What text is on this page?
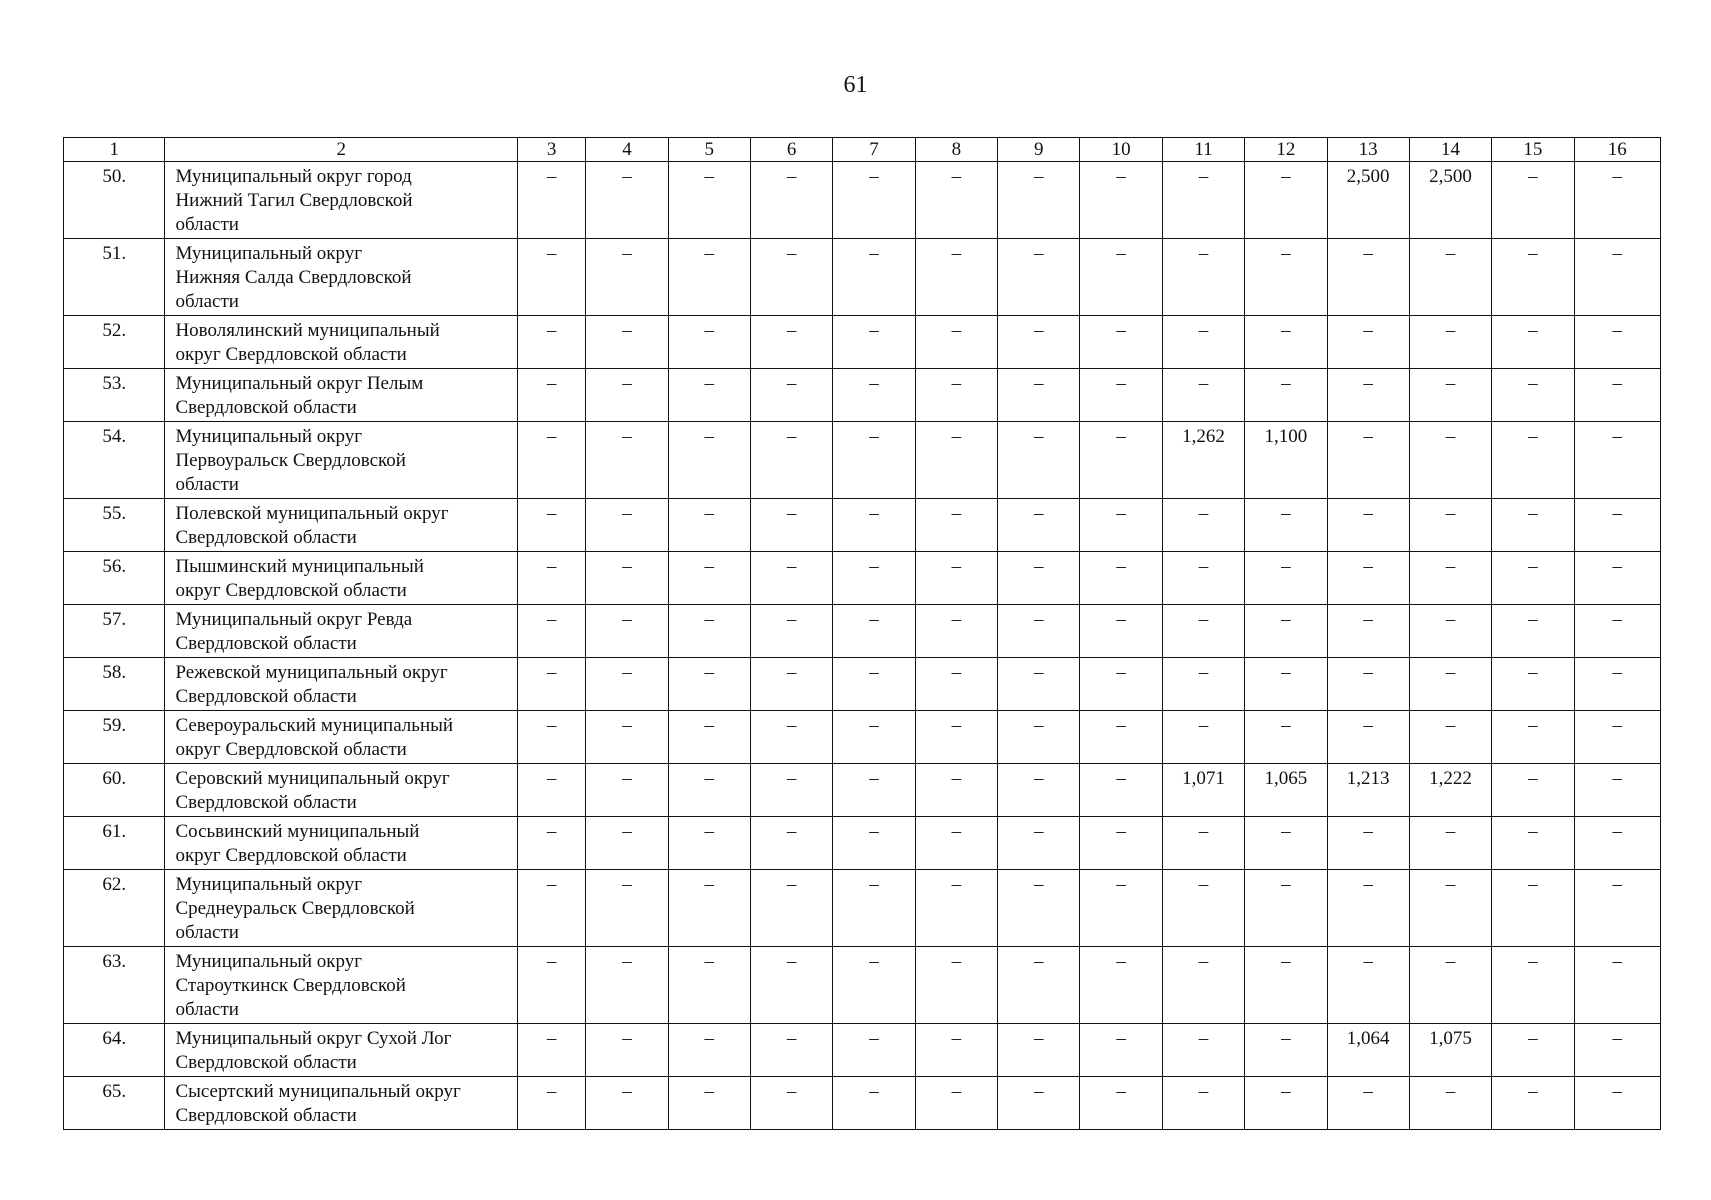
61
1	2	3	4	5	6	7	8	9	10	11	12	13	14	15	16
50.	Муниципальный округ город
Нижний Тагил Свердловской
области	–	–	–	–	–	–	–	–	–	–	2,500	2,500	–	–
51.	Муниципальный округ
Нижняя Салда Свердловской
области	–	–	–	–	–	–	–	–	–	–	–	–	–	–
52.	Новолялинский муниципальный
округ Свердловской области	–	–	–	–	–	–	–	–	–	–	–	–	–	–
53.	Муниципальный округ Пелым
Свердловской области	–	–	–	–	–	–	–	–	–	–	–	–	–	–
54.	Муниципальный округ
Первоуральск Свердловской
области	–	–	–	–	–	–	–	–	1,262	1,100	–	–	–	–
55.	Полевской муниципальный округ
Свердловской области	–	–	–	–	–	–	–	–	–	–	–	–	–	–
56.	Пышминский муниципальный
округ Свердловской области	–	–	–	–	–	–	–	–	–	–	–	–	–	–
57.	Муниципальный округ Ревда
Свердловской области	–	–	–	–	–	–	–	–	–	–	–	–	–	–
58.	Режевской муниципальный округ
Свердловской области	–	–	–	–	–	–	–	–	–	–	–	–	–	–
59.	Североуральский муниципальный
округ Свердловской области	–	–	–	–	–	–	–	–	–	–	–	–	–	–
60.	Серовский муниципальный округ
Свердловской области	–	–	–	–	–	–	–	–	1,071	1,065	1,213	1,222	–	–
61.	Сосьвинский муниципальный
округ Свердловской области	–	–	–	–	–	–	–	–	–	–	–	–	–	–
62.	Муниципальный округ
Среднеуральск Свердловской
области	–	–	–	–	–	–	–	–	–	–	–	–	–	–
63.	Муниципальный округ
Староуткинск Свердловской
области	–	–	–	–	–	–	–	–	–	–	–	–	–	–
64.	Муниципальный округ Сухой Лог
Свердловской области	–	–	–	–	–	–	–	–	–	–	1,064	1,075	–	–
65.	Сысертский муниципальный округ
Свердловской области	–	–	–	–	–	–	–	–	–	–	–	–	–	–
